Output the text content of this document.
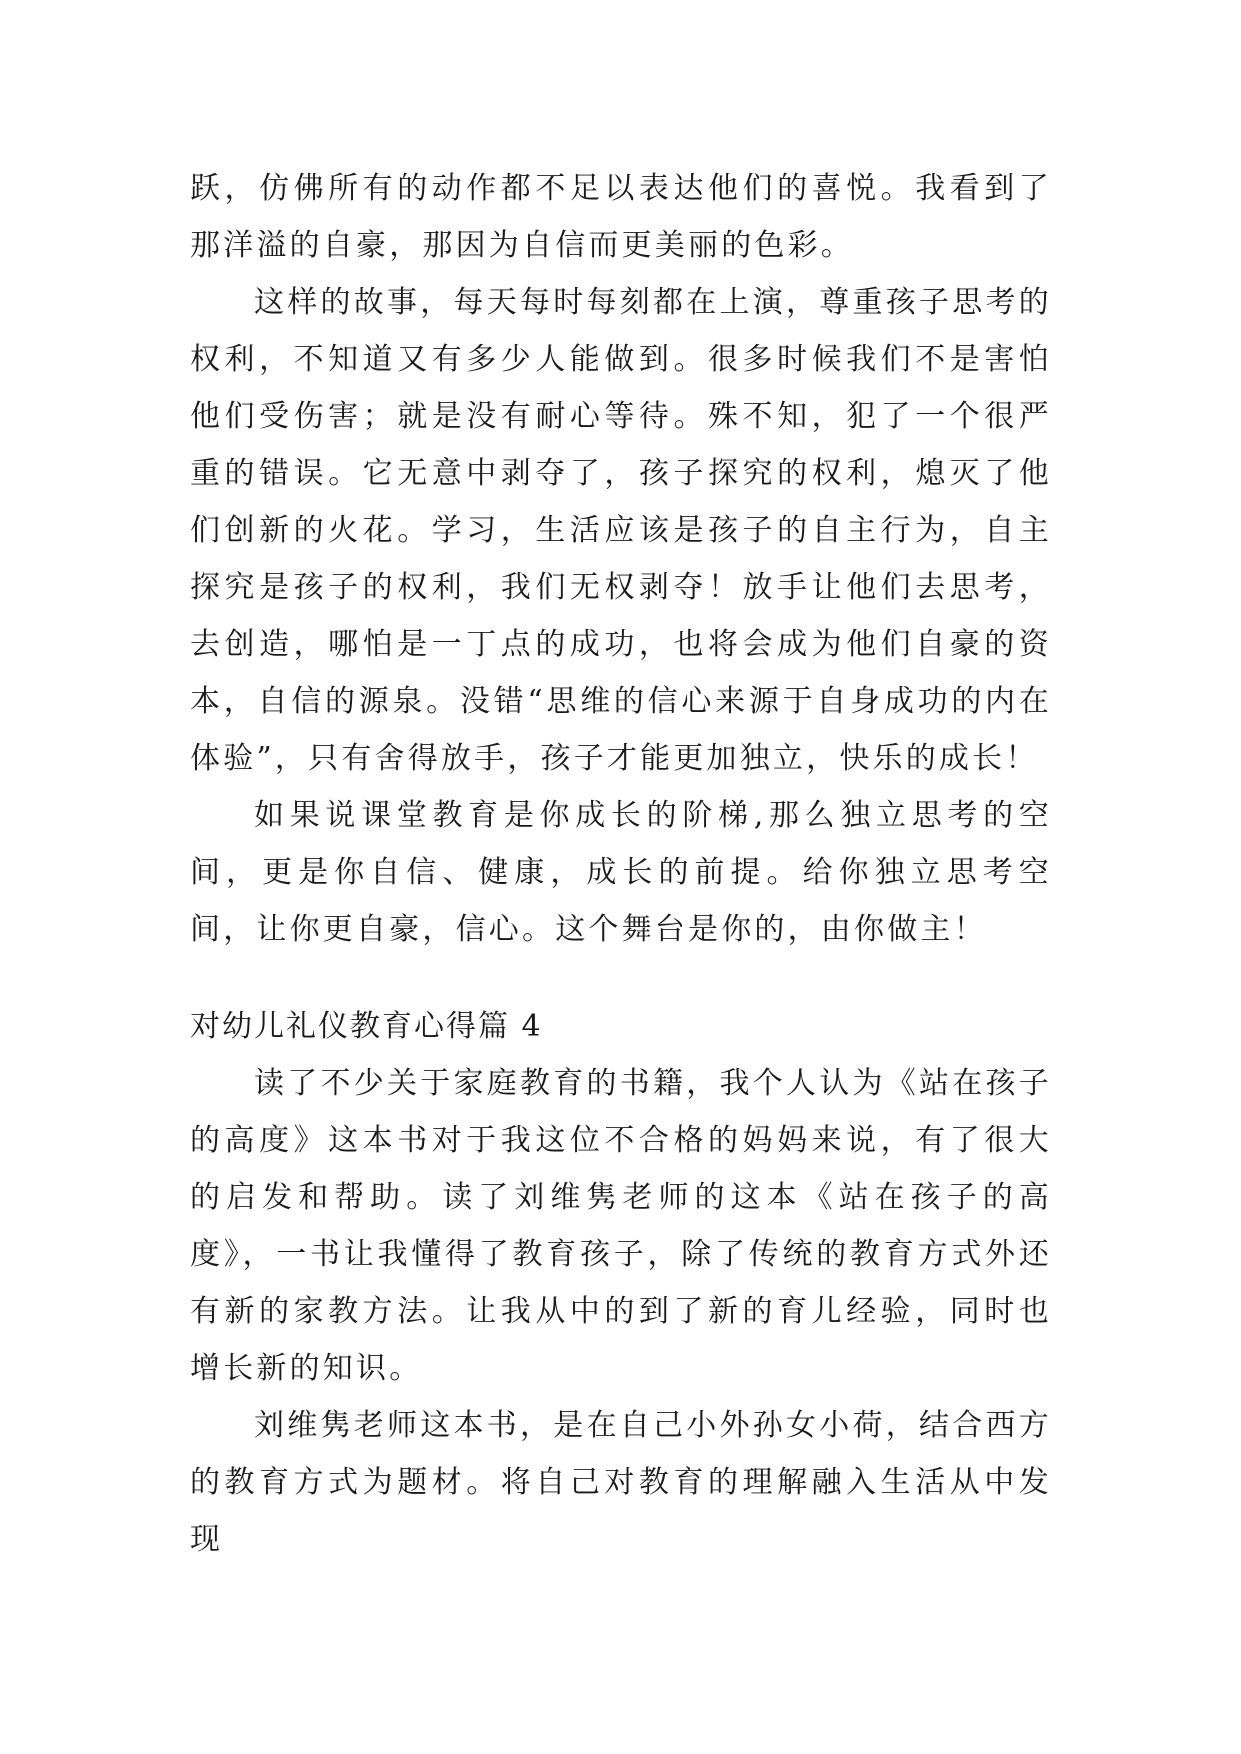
跃，仿佛所有的动作都不足以表达他们的喜悦。我看到了那洋溢的自豪，那因为自信而更美丽的色彩。

这样的故事，每天每时每刻都在上演，尊重孩子思考的权利，不知道又有多少人能做到。很多时候我们不是害怕他们受伤害；就是没有耐心等待。殊不知，犯了一个很严重的错误。它无意中剥夺了，孩子探究的权利，熄灭了他们创新的火花。学习，生活应该是孩子的自主行为，自主探究是孩子的权利，我们无权剥夺！放手让他们去思考，去创造，哪怕是一丁点的成功，也将会成为他们自豪的资本，自信的源泉。没错“思维的信心来源于自身成功的内在体验”，只有舍得放手，孩子才能更加独立，快乐的成长！

如果说课堂教育是你成长的阶梯,那么独立思考的空间，更是你自信、健康，成长的前提。给你独立思考空间，让你更自豪，信心。这个舞台是你的，由你做主！

对幼儿礼仪教育心得篇 4

读了不少关于家庭教育的书籍，我个人认为《站在孩子的高度》这本书对于我这位不合格的妈妈来说，有了很大的启发和帮助。读了刘维隽老师的这本《站在孩子的高度》，一书让我懂得了教育孩子，除了传统的教育方式外还有新的家教方法。让我从中的到了新的育儿经验，同时也增长新的知识。

刘维隽老师这本书，是在自己小外孙女小荷，结合西方的教育方式为题材。将自己对教育的理解融入生活从中发现
